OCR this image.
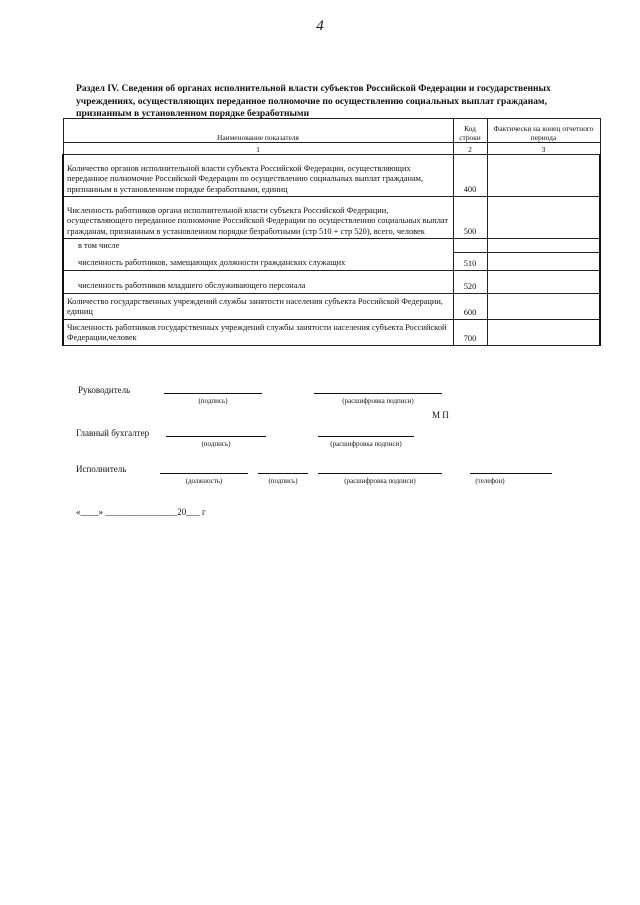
4
Раздел IV. Сведения об органах исполнительной власти субъектов Российской Федерации и государственных учреждениях, осуществляющих переданное полномочие по осуществлению социальных выплат гражданам, признанным в установленном порядке безработными
Наименование показателя	Код строки	Фактически на конец отчетного периода
1	2	3
Количество органов исполнительной власти субъекта Российской Федерации, осуществляющих переданное полномочие Российской Федерации по осуществлению социальных выплат гражданам, признанным в установленном порядке безработными, единиц	400	
Численность работников органа исполнительной власти субъекта Российской Федерации, осуществляющего переданное полномочие Российской Федерации по осуществлению социальных выплат гражданам, признанным в установленном порядке безработными (стр 510 + стр 520), всего, человек	500	
в том числе		
численность работников, замещающих должности гражданских служащих	510	
численность работников младшего обслуживающего персонала	520	
Количество государственных учреждений службы занятости населения субъекта Российской Федерации, единиц	600	
Численность работников государственных учреждений службы занятости населения субъекта Российской Федерации,человек	700	
Руководитель
(подпись)	(расшифровка подписи)
М П
Главный бухгалтер
(подпись)	(расшифровка подписи)
Исполнитель
(должность)	(подпись)	(расшифровка подписи)	(телефон)
«____» ________________20___ г
